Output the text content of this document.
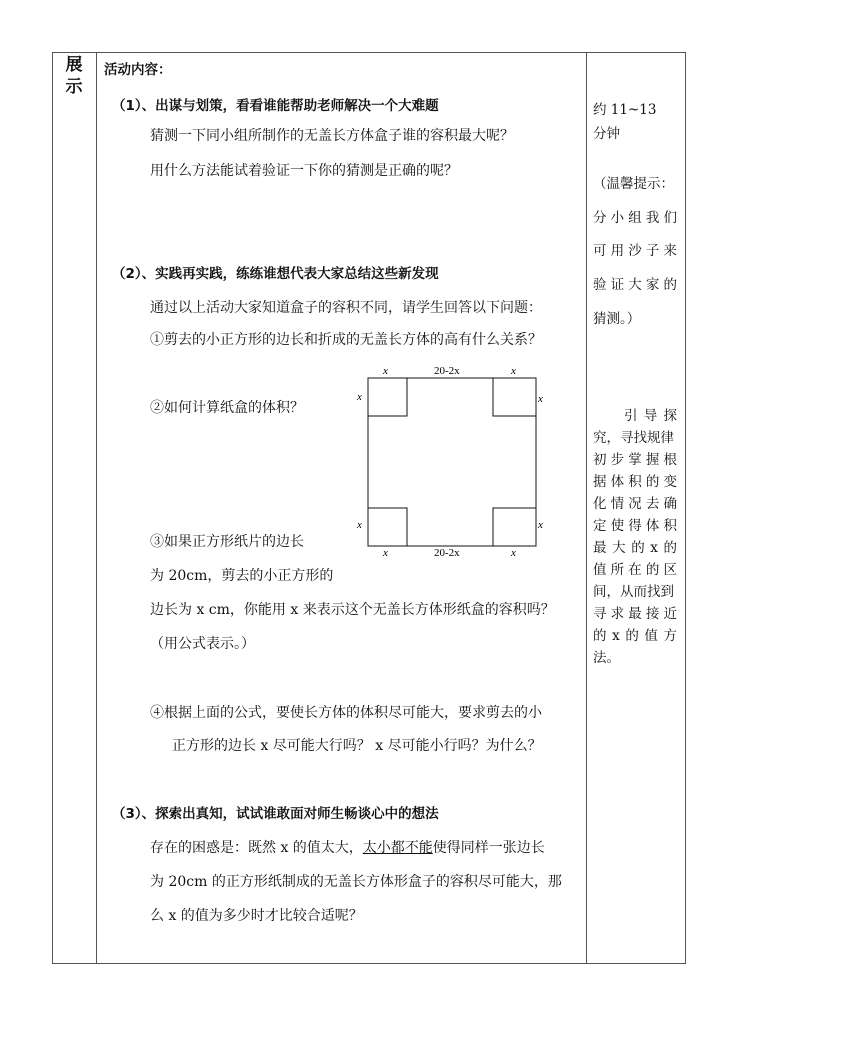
展
示
活动内容：
（1）、出谋与划策，看看谁能帮助老师解决一个大难题
猜测一下同小组所制作的无盖长方体盒子谁的容积最大呢？
用什么方法能试着验证一下你的猜测是正确的呢？
（2）、实践再实践，练练谁想代表大家总结这些新发现
通过以上活动大家知道盒子的容积不同，请学生回答以下问题：
①剪去的小正方形的边长和折成的无盖长方体的高有什么关系？
②如何计算纸盒的体积？
③如果正方形纸片的边长
为 20cm，剪去的小正方形的
边长为 x cm，你能用 x 来表示这个无盖长方体形纸盒的容积吗？
（用公式表示。）
④根据上面的公式，要使长方体的体积尽可能大，要求剪去的小
正方形的边长 x 尽可能大行吗？ x 尽可能小行吗？为什么？
x	20-2x	x
x	20-2x	x
x
x
x
x
（3）、探索出真知，试试谁敢面对师生畅谈心中的想法
存在的困惑是：既然 x 的值太大，太小都不能使得同样一张边长
为 20cm 的正方形纸制成的无盖长方体形盒子的容积尽可能大，那
么 x 的值为多少时才比较合适呢？
约 11~13
分钟
（温馨提示：
分 小 组 我 们
可 用 沙 子 来
验 证 大 家 的
猜测。）
引 导 探
究，寻找规律
初 步 掌 握 根
据 体 积 的 变
化 情 况 去 确
定 使 得 体 积
最 大 的 x 的
值 所 在 的 区
间，从而找到
寻 求 最 接 近
的 x 的 值 方
法。
